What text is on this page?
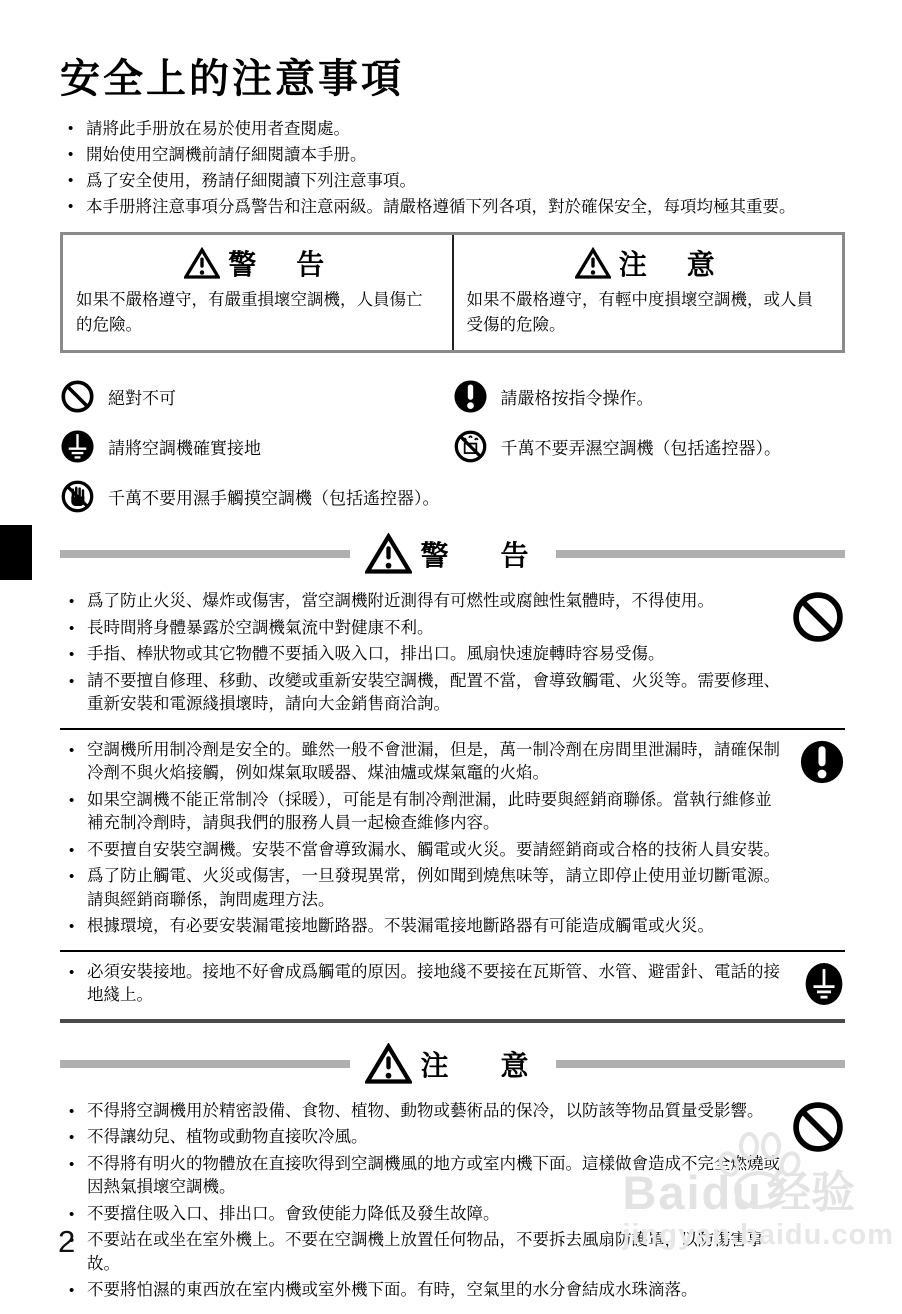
安全上的注意事項
• 請將此手册放在易於使用者查閱處。
• 開始使用空調機前請仔細閱讀本手册。
• 爲了安全使用，務請仔細閱讀下列注意事項。
• 本手册將注意事項分爲警告和注意兩級。請嚴格遵循下列各項，對於確保安全，每項均極其重要。
警　告
如果不嚴格遵守，有嚴重損壞空調機，人員傷亡的危險。
注　意
如果不嚴格遵守，有輕中度損壞空調機，或人員受傷的危險。
絕對不可
請將空調機確實接地
千萬不要用濕手觸摸空調機（包括遙控器）。
請嚴格按指令操作。
千萬不要弄濕空調機（包括遙控器）。
警　告
• 爲了防止火災、爆炸或傷害，當空調機附近測得有可燃性或腐蝕性氣體時，不得使用。
• 長時間將身體暴露於空調機氣流中對健康不利。
• 手指、棒狀物或其它物體不要插入吸入口，排出口。風扇快速旋轉時容易受傷。
• 請不要擅自修理、移動、改變或重新安裝空調機，配置不當，會導致觸電、火災等。需要修理、重新安裝和電源綫損壞時，請向大金銷售商洽詢。
• 空調機所用制冷劑是安全的。雖然一般不會泄漏，但是，萬一制冷劑在房間里泄漏時，請確保制冷劑不與火焰接觸，例如煤氣取暖器、煤油爐或煤氣竈的火焰。
• 如果空調機不能正常制冷（採暖），可能是有制冷劑泄漏，此時要與經銷商聯係。當執行維修並補充制冷劑時，請與我們的服務人員一起檢查維修内容。
• 不要擅自安裝空調機。安裝不當會導致漏水、觸電或火災。要請經銷商或合格的技術人員安裝。
• 爲了防止觸電、火災或傷害，一旦發現異常，例如聞到燒焦味等，請立即停止使用並切斷電源。請與經銷商聯係，詢問處理方法。
• 根據環境，有必要安裝漏電接地斷路器。不裝漏電接地斷路器有可能造成觸電或火災。
• 必須安裝接地。接地不好會成爲觸電的原因。接地綫不要接在瓦斯管、水管、避雷針、電話的接地綫上。
注　意
• 不得將空調機用於精密設備、食物、植物、動物或藝術品的保冷，以防該等物品質量受影響。
• 不得讓幼兒、植物或動物直接吹冷風。
• 不得將有明火的物體放在直接吹得到空調機風的地方或室内機下面。這樣做會造成不完全燃燒或因熱氣損壞空調機。
• 不要擋住吸入口、排出口。會致使能力降低及發生故障。
• 不要站在或坐在室外機上。不要在空調機上放置任何物品，不要拆去風扇防護罩，以防傷害事故。
• 不要將怕濕的東西放在室内機或室外機下面。有時，空氣里的水分會結成水珠滴落。
2
Baidu 经验
jingyan.baidu.com
